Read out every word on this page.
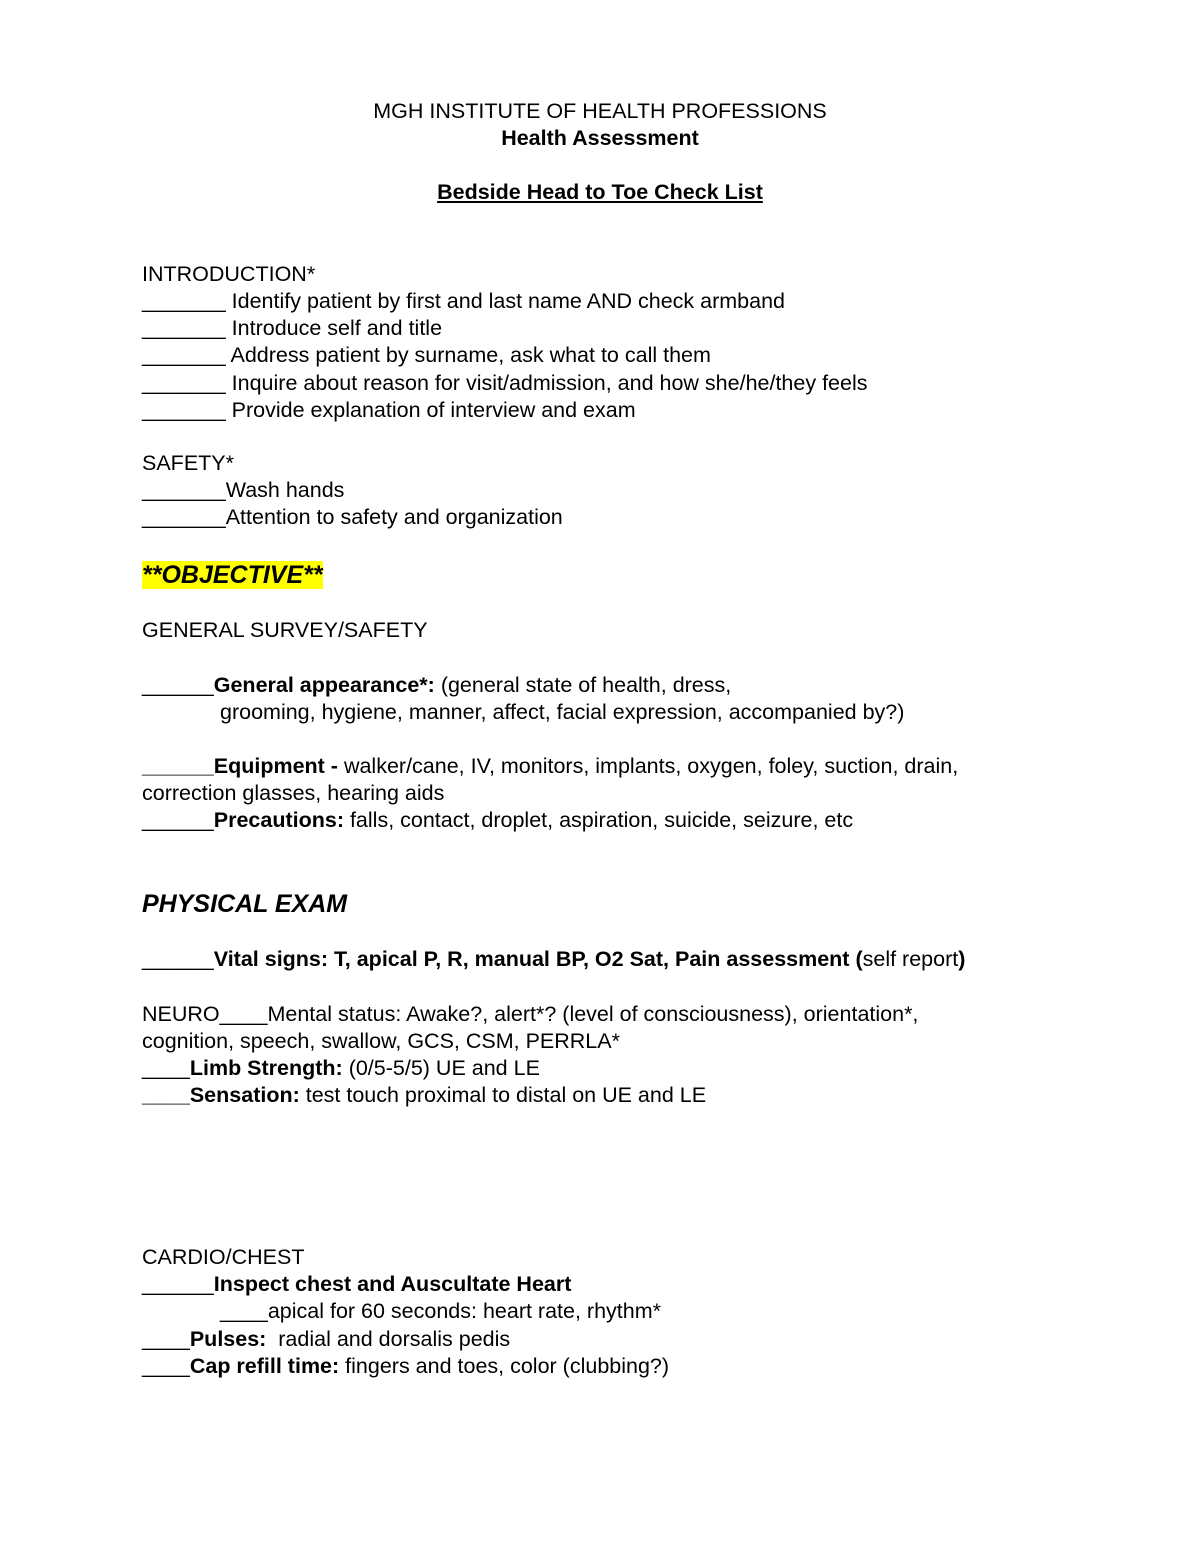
MGH INSTITUTE OF HEALTH PROFESSIONS
Health Assessment
Bedside Head to Toe Check List
INTRODUCTION*
_______ Identify patient by first and last name AND check armband
_______ Introduce self and title
_______ Address patient by surname, ask what to call them
_______ Inquire about reason for visit/admission, and how she/he/they feels
_______ Provide explanation of interview and exam
SAFETY*
_______Wash hands
_______Attention to safety and organization
**OBJECTIVE**
GENERAL SURVEY/SAFETY
______General appearance*: (general state of health, dress,
grooming, hygiene, manner, affect, facial expression, accompanied by?)
______Equipment - walker/cane, IV, monitors, implants, oxygen, foley, suction, drain,
correction glasses, hearing aids
______Precautions: falls, contact, droplet, aspiration, suicide, seizure, etc
PHYSICAL EXAM
______Vital signs: T, apical P, R, manual BP, O2 Sat, Pain assessment (self report)
NEURO____Mental status: Awake?, alert*? (level of consciousness), orientation*,
cognition, speech, swallow, GCS, CSM, PERRLA*
____Limb Strength: (0/5-5/5) UE and LE
____Sensation: test touch proximal to distal on UE and LE
CARDIO/CHEST
______Inspect chest and Auscultate Heart
____apical for 60 seconds: heart rate, rhythm*
____Pulses:  radial and dorsalis pedis
____Cap refill time: fingers and toes, color (clubbing?)
